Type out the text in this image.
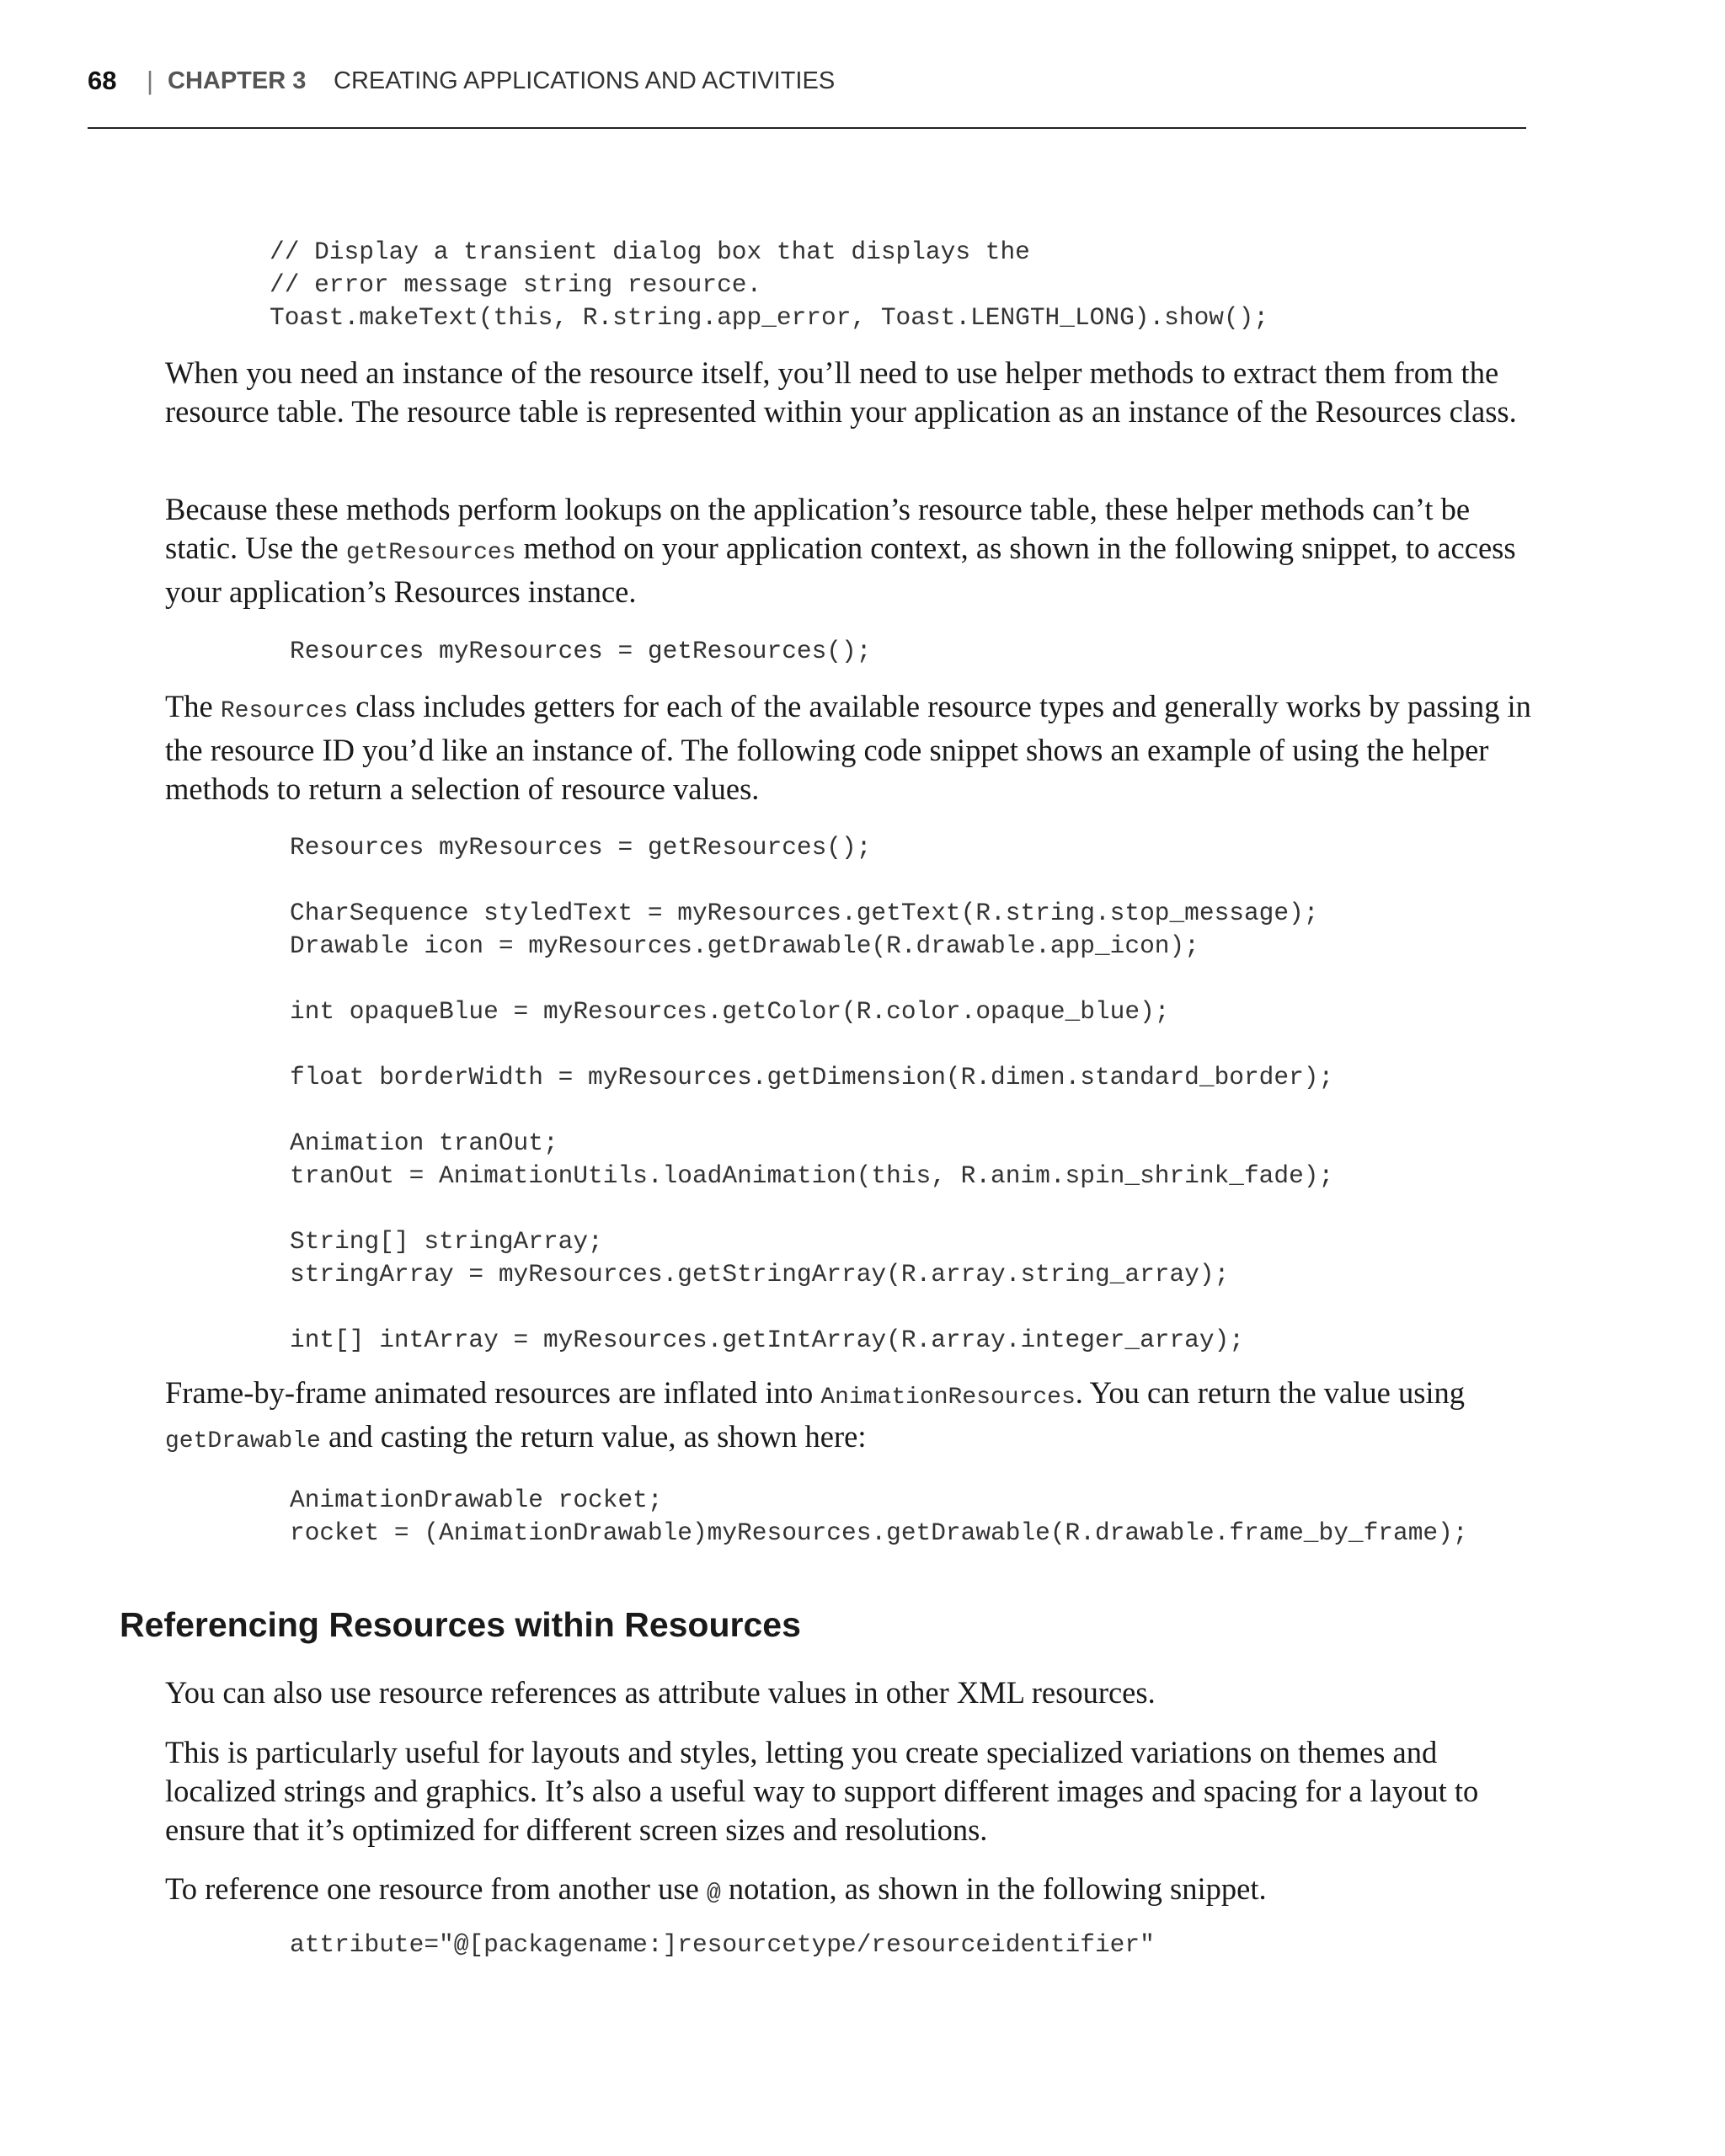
68 | CHAPTER 3 CREATING APPLICATIONS AND ACTIVITIES
// Display a transient dialog box that displays the
// error message string resource.
Toast.makeText(this, R.string.app_error, Toast.LENGTH_LONG).show();

When you need an instance of the resource itself, you’ll need to use helper methods to extract them from the resource table. The resource table is represented within your application as an instance of the Resources class.

Because these methods perform lookups on the application’s resource table, these helper methods can’t be static. Use the getResources method on your application context, as shown in the following snippet, to access your application’s Resources instance.

Resources myResources = getResources();

The Resources class includes getters for each of the available resource types and generally works by passing in the resource ID you’d like an instance of. The following code snippet shows an example of using the helper methods to return a selection of resource values.

Resources myResources = getResources();

CharSequence styledText = myResources.getText(R.string.stop_message);
Drawable icon = myResources.getDrawable(R.drawable.app_icon);

int opaqueBlue = myResources.getColor(R.color.opaque_blue);

float borderWidth = myResources.getDimension(R.dimen.standard_border);

Animation tranOut;
tranOut = AnimationUtils.loadAnimation(this, R.anim.spin_shrink_fade);

String[] stringArray;
stringArray = myResources.getStringArray(R.array.string_array);

int[] intArray = myResources.getIntArray(R.array.integer_array);

Frame-by-frame animated resources are inflated into AnimationResources. You can return the value using getDrawable and casting the return value, as shown here:

AnimationDrawable rocket;
rocket = (AnimationDrawable)myResources.getDrawable(R.drawable.frame_by_frame);
Referencing Resources within Resources

You can also use resource references as attribute values in other XML resources.

This is particularly useful for layouts and styles, letting you create specialized variations on themes and localized strings and graphics. It’s also a useful way to support different images and spacing for a layout to ensure that it’s optimized for different screen sizes and resolutions.

To reference one resource from another use @ notation, as shown in the following snippet.

attribute="@[packagename:]resourcetype/resourceidentifier"
